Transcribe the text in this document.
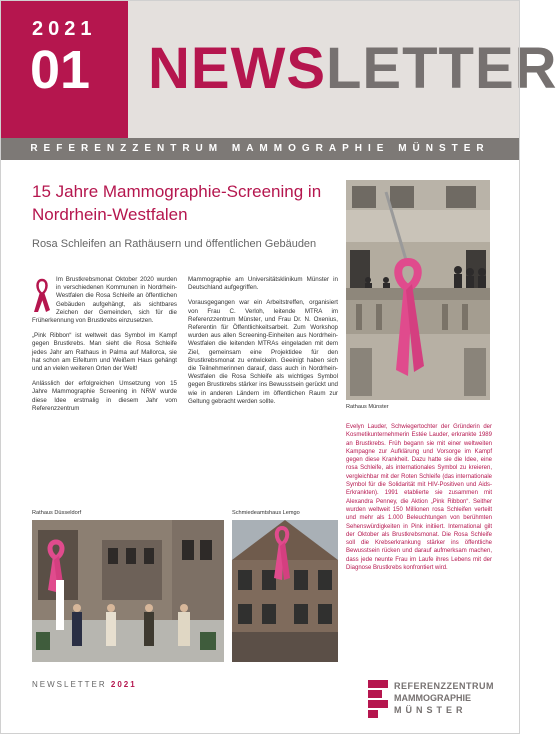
2021
01 NEWSLETTER
REFERENZZENTRUM MAMMOGRAPHIE MÜNSTER
15 Jahre Mammographie-Screening in Nordrhein-Westfalen
Rosa Schleifen an Rathäusern und öffentlichen Gebäuden

Im Brustkrebsmonat Oktober 2020 wurden in verschiedenen Kommunen in Nordrhein-Westfalen die Rosa Schleife an öffentlichen Gebäuden aufgehängt, als sichtbares Zeichen der Gemeinden, sich für die Früherkennung von Brustkrebs einzusetzen.

„Pink Ribbon“ ist weltweit das Symbol im Kampf gegen Brustkrebs. Man sieht die Rosa Schleife jedes Jahr am Rathaus in Palma auf Mallorca, sie hat schon am Eifelturm und Weißem Haus gehängt und an vielen weiteren Orten der Welt!

Anlässlich der erfolgreichen Umsetzung von 15 Jahre Mammographie Screening in NRW wurde diese Idee erstmalig in diesem Jahr vom Referenzzentrum

Mammographie am Universitätsklinikum Münster in Deutschland aufgegriffen.

Vorausgegangen war ein Arbeitstreffen, organisiert von Frau C. Verloh, leitende MTRA im Referenzzentrum Münster, und Frau Dr. N. Oxenius, Referentin für Öffentlichkeitsarbeit. Zum Workshop wurden aus allen Screening-Einheiten aus Nordrhein-Westfalen die leitenden MTRAs eingeladen mit dem Ziel, gemeinsam eine Projektidee für den Brustkrebsmonat zu entwickeln. Geeinigt haben sich die Teilnehmerinnen darauf, dass auch in Nordrhein-Westfalen die Rosa Schleife als wichtiges Symbol gegen Brustkrebs stärker ins Bewusstsein gerückt und wie in anderen Ländern im öffentlichen Raum zur Geltung gebracht werden sollte.

Rathaus Münster
Evelyn Lauder, Schwiegertochter der Gründerin der Kosmetikunternehmerin Estée Lauder, erkrankte 1989 an Brustkrebs. Früh begann sie mit einer weltweiten Kampagne zur Aufklärung und Vorsorge im Kampf gegen diese Krankheit. Dazu hatte sie die Idee, eine rosa Schleife, als internationales Symbol zu kreieren, vergleichbar mit der Roten Schleife (das internationale Symbol für die Solidarität mit HIV-Positiven und Aids-Erkrankten). 1991 etablierte sie zusammen mit Alexandra Penney, die Aktion „Pink Ribbon“. Seither wurden weltweit 150 Millionen rosa Schleifen verteilt und mehr als 1.000 Beleuchtungen von berühmten Sehenswürdigkeiten in Pink initiiert. International gilt der Oktober als Brustkrebsmonat. Die Rosa Schleife soll die Krebserkrankung stärker ins öffentliche Bewusstsein rücken und darauf aufmerksam machen, dass jede neunte Frau im Laufe ihres Lebens mit der Diagnose Brustkrebs konfrontiert wird.
Rathaus Düsseldorf	Schmiedeamtshaus Lemgo
NEWSLETTER 2021	REFERENZZENTRUM
MAMMOGRAPHIE
MÜNSTER
